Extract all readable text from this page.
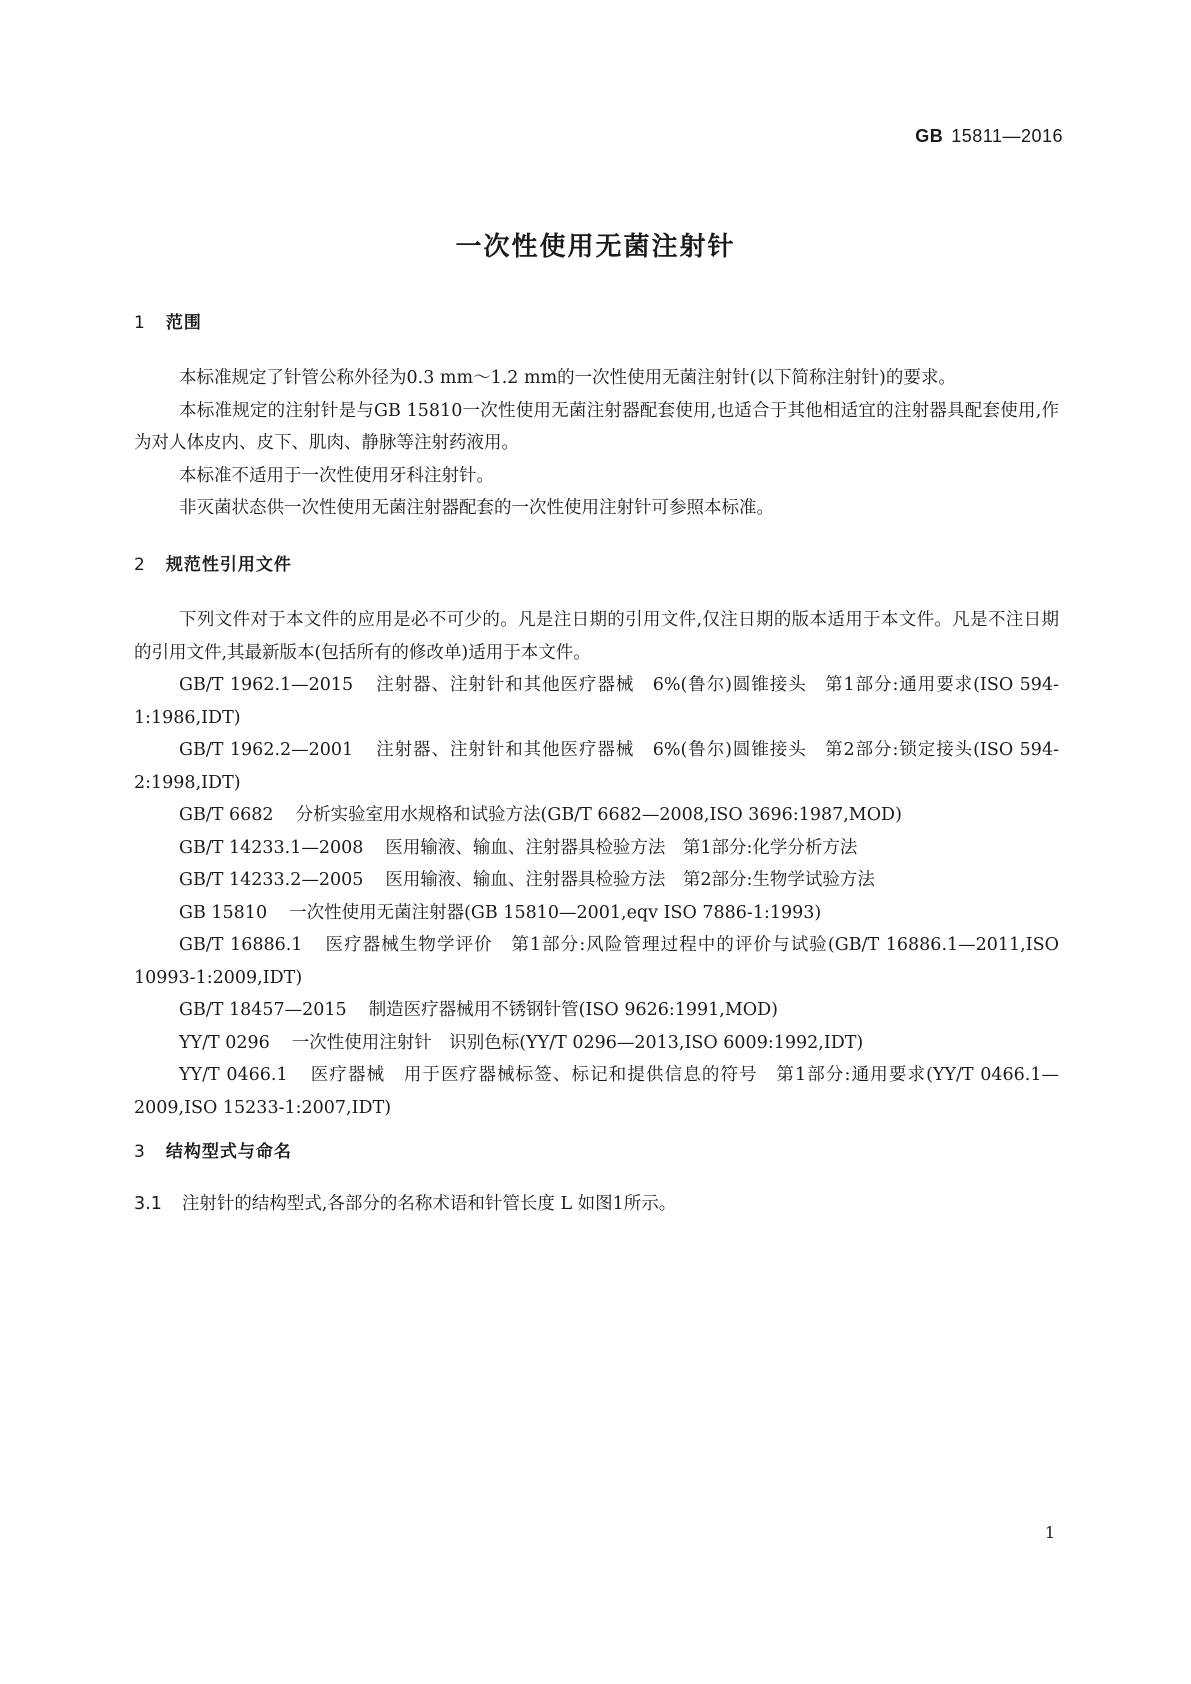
GB 15811—2016
一次性使用无菌注射针
1 范围

本标准规定了针管公称外径为0.3 mm～1.2 mm的一次性使用无菌注射针(以下简称注射针)的要求。

本标准规定的注射针是与GB 15810一次性使用无菌注射器配套使用,也适合于其他相适宜的注射器具配套使用,作为对人体皮内、皮下、肌肉、静脉等注射药液用。

本标准不适用于一次性使用牙科注射针。

非灭菌状态供一次性使用无菌注射器配套的一次性使用注射针可参照本标准。

2 规范性引用文件

下列文件对于本文件的应用是必不可少的。凡是注日期的引用文件,仅注日期的版本适用于本文件。凡是不注日期的引用文件,其最新版本(包括所有的修改单)适用于本文件。

GB/T 1962.1—2015 注射器、注射针和其他医疗器械　6%(鲁尔)圆锥接头　第1部分:通用要求(ISO 594-1:1986,IDT)

GB/T 1962.2—2001 注射器、注射针和其他医疗器械　6%(鲁尔)圆锥接头　第2部分:锁定接头(ISO 594-2:1998,IDT)

GB/T 6682 分析实验室用水规格和试验方法(GB/T 6682—2008,ISO 3696:1987,MOD)

GB/T 14233.1—2008 医用输液、输血、注射器具检验方法　第1部分:化学分析方法

GB/T 14233.2—2005 医用输液、输血、注射器具检验方法　第2部分:生物学试验方法

GB 15810 一次性使用无菌注射器(GB 15810—2001,eqv ISO 7886-1:1993)

GB/T 16886.1 医疗器械生物学评价　第1部分:风险管理过程中的评价与试验(GB/T 16886.1—2011,ISO 10993-1:2009,IDT)

GB/T 18457—2015 制造医疗器械用不锈钢针管(ISO 9626:1991,MOD)

YY/T 0296 一次性使用注射针　识别色标(YY/T 0296—2013,ISO 6009:1992,IDT)

YY/T 0466.1 医疗器械　用于医疗器械标签、标记和提供信息的符号　第1部分:通用要求(YY/T 0466.1—2009,ISO 15233-1:2007,IDT)

3 结构型式与命名

3.1 注射针的结构型式,各部分的名称术语和针管长度 L 如图1所示。

1
